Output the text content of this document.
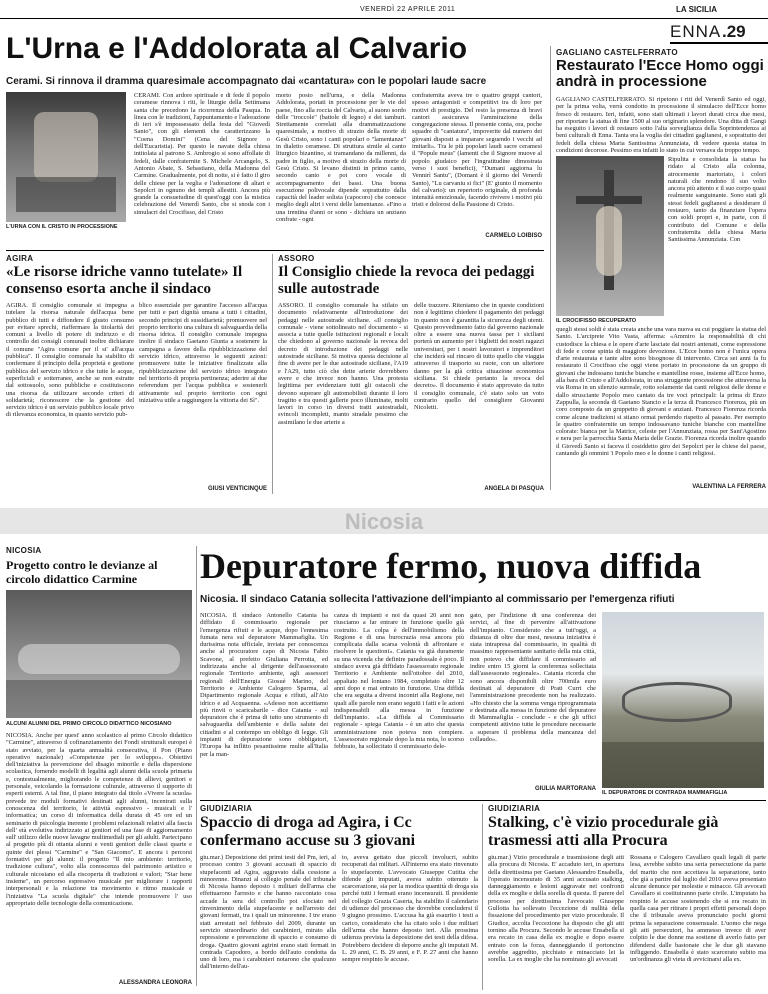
VENERDÌ 22 APRILE 2011	LA SICILIA
ENNA .29
L'Urna e l'Addolorata al Calvario
Cerami. Si rinnova il dramma quaresimale accompagnato dai «cantatura» con le popolari laude sacre
L'URNA CON IL CRISTO IN PROCESSIONE
CERAMI. Con ardore spirituale e di fede il popolo ceramese rinnova i riti, le liturgie della Settimana santa che precedono la ricorrenza della Pasqua. In linea con le tradizioni, l'appuntamento e l'adorazione di ieri s'è impossessato della festa del "Giovedì Santo", con gli elementi che caratterizzano la "Coena Domini" (Cena del Signore o dell'Eucaristia). Per questo le navate della chiesa intitolata al patrono S. Ambrogio si sono affollate di fedeli, dalle confraternite S. Michele Arcangelo, S. Antonio Abate, S. Sebastiano, della Madonna del Carmine. Gradualmente, poi di notte, si è fatto il giro delle chiese per la veglia e l'adorazione di altari e Sepolcri in ognuno dei templi allestiti. Ancora più grande la consuetudine di quest'oggi con la mistica celebrazione del Venerdì Santo, che si snoda con i simulacri del Crocifisso, del Cristo
morto posto nell'urna, e della Madonna Addolorata, portati in processione per le vie del paese, fino alla roccia del Calvario, al suono sordo delle "troccole" (battole di legno) e dei tamburi. Strettamente correlati alla drammatizzazione quaresimale, a motivo di strazio della morte di Gesù Cristo, sono i canti popolari o "lamentanze" in dialetto ceramese. Di struttura simile al canto liturgico bizantino, si tramandano da millenni, da padre in figlio, a motivo di strazio della morte di Gesù Cristo. Si levano distinti in primo canto, secondo canto e poi coro vocale di accompagnamento dei bassi. Una buona esecuzione polivocale dipende soprattutto dalla capacità del leader solista (capocoro) che conosce meglio degli altri i versi delle lamentanze. «Fino a una trentina d'anni or sono - dichiara un anziano confrate - ogni
confraternita aveva tre o quattro gruppi cantori, spesso antagonisti e competitivi tra di loro per motivi di prestigio. Del resto la presenza di bravi cantori assicurava l'ammirazione della congregazione stessa. Il presente conta, ora, poche squadre di "cantatura", impoverite dal numero dei giovani disposti a imparare seguendo i vecchi ad imitarli». Tra le più popolari laudi sacre ceramesi il "Popule meus" (lamenti che il Signore muove al popolo giudaico per l'ingratitudine dimostrata verso i suoi benefici), "Dumani aggiorna lu Vennirì Santu", (Domani è il giorno del Venerdì Santo), "Lu carvaniu si fici" (E' giunto il momento del calvario): un repertorio originale, di profonda intensità emozionale, facendo rivivere i motivi più tristi e dolorosi della Passione di Cristo.
CARMELO LOIBISO
GAGLIANO CASTELFERRATO
Restaurato l'Ecce Homo oggi andrà in processione
GAGLIANO CASTELFERRATO. Si ripetono i riti del Venerdì Santo ed oggi, per la prima volta, verrà condotto in processione il simulacro dell'Ecce homo fresco di restauro. Ieri, infatti, sono stati ultimati i lavori durati circa due mesi, per riportare la statua di fine 1500 al suo originario splendore. Una ditta di Gangi ha eseguito i lavori di restauro sotto l'alta sorveglianza della Soprintendenza ai beni culturali di Enna. Tanta era la voglia dei cittadini gaglianesi, e soprattutto dei fedeli della chiesa Maria Santissima Annunziata, di vedere questa statua in condizioni decorose. Pessimo era infatti lo stato in cui versava da troppo tempo.
IL CROCIFISSO RECUPERATO
Ripulita e consolidata la statua ha ridato al Cristo alla colonna, atrocemente martoriato, i colori naturali che rendono il suo volto ancora più attento e il suo corpo quasi realmente sanguinante. Sono stati gli stessi fedeli gaglianesi a desiderare il restauro, tanto da finanziare l'opera con soldi propri e, in parte, con il contributo del Comune e della confraternita della chiesa Maria Santissima Annunziata. Con
quegli stessi soldi è stata creata anche una vara nuova su cui poggiare la statua del Santo. L'arciprete Vito Vasta, afferma: «Ammiro la responsabilità di chi custodisce la chiesa e le opere d'arte lasciate dai nostri antenati, come espressione di fede e come spinta di maggiore devozione. L'Ecce homo non è l'unica opera d'arte restaurata e tante altre sono bisognose di intervento. Circa sei anni fa fu restaurato il Crocifisso che oggi viene portato in processione da un gruppo di giovani che indossano tuniche bianche e mantelline rosse, insieme all'Ecce homo, alla bara di Cristo e all'Addolorata, in una struggente processione che attraversa la via Roma in un silenzio surreale, rotto solamente dai canti religiosi delle donne e dallo strusciante Popolo meo cantato da tre voci principali: la prima di Enzo Zappulla, la seconda di Gaetano Stancio e la terza di Francesco Fiorenza, più un coro composto da un gruppetto di giovani e anziani. Francesco Fiorenza ricorda come alcune tradizioni si stiano ormai perdendo rispetto al passato. Per esempio le quattro confraternite un tempo indossavano tuniche bianche con mantelline colorate: bianca per la Matrice, celeste per l'Annunziata, rossa per Sant'Agostino e nera per la parrocchia Santa Maria delle Grazie. Fiorenza ricorda inoltre quando il Giovedì Santo si faceva il cosiddetto giro dei Sepolcri per le chiese del paese, cantando gli ommini 'i Popolo meo e le donne i canti religiosi.
VALENTINA LA FERRERA
AGIRA
«Le risorse idriche vanno tutelate» Il consenso esorta anche il sindaco
AGIRA. Il consiglio comunale si impegna a tutelare la risorsa naturale dell'acqua bene pubblico di tutti e diffondere il giusto consumo per evitare sprechi, riaffermare la titolarità dei comuni a livello di potere di indirizzo e di controllo dei consigli comunali inoltre dichiarare il comune "Agira comune per il si' all'acqua pubblica". Il consiglio comunale ha stabilito di confermare il principio della proprietà e gestione pubblica del servizio idrico e che tutte le acque, superficiali e sotterranee, anche se non estratte dal sottosuolo, sono pubbliche e costituiscono una risorsa da utilizzare secondo criteri di solidarietà; riconoscere che la gestione del servizio idrico è un servizio pubblico locale privo di rilevanza economica, in quanto servizio pub-
blico essenziale per garantire l'accesso all'acqua per tutti e pari dignità umana a tutti i cittadini, secondo principi di sussidiarietà; promuovere nel proprio territorio una cultura di salvaguardia della risorsa idrica. Il consiglio comunale impegna inoltre il sindaco Gaetano Giunta a sostenere la campagna a favore della ripubblicizzazione del servizio idrico, attraverso le seguenti azioni: promuovere tutte le iniziative finalizzate alla ripubblicizzazione del servizio idrico integrato nel territorio di propria pertinenza; aderire ai due referendum per l'acqua pubblica e sostenerli attivamente sul proprio territorio con ogni iniziativa utile a raggiungere la vittoria dei Sì".
GIUSI VENTICINQUE
ASSORO
Il Consiglio chiede la revoca dei pedaggi sulle autostrade
ASSORO. Il consiglio comunale ha stilato un documento relativamente all'introduzione dei pedaggi nelle autostrade siciliane. «Il consiglio comunale - viene sottolineato nel documento - si associa a tutte quelle istituzioni regionali e locali che chiedono al governo nazionale la revoca del decreto di introduzione dei pedaggi nelle autostrade siciliane. Si motiva questa decisione al fine di avere per le due autostrade siciliane, l'A19 e l'A29, tutto ciò che dette arterie dovrebbero avere e che invece non hanno. Una protesta legittima per evidenziare tutti gli ostacoli che devono superare gli automobilisti durante il loro tragitto e tra questi gallerie poco illuminate, molti lavori in corso in diversi tratti autostradali, svincoli incompleti, manto stradale pessimo che assimilano le due arterie a
delle trazzere. Riteniamo che in queste condizioni non è legittimo chiedere il pagamento dei pedaggi in quanto non è garantita la sicurezza degli utenti. Questo provvedimento fatto dal governo nazionale oltre a essere una nuova tassa per i siciliani porterà un aumento per i biglietti dei nostri ragazzi universitari, per i nostri lavoratori e imprenditori che inciderà sul rincaro di tutto quello che viaggia attraverso il trasporto su ruote, con un ulteriore danno per la già critica situazione economica siciliana. Si chiede pertanto la revoca del decreto». Il documento è stato approvato da tutto il consiglio comunale, c'è stato solo un voto contrario quello del consigliere Giovanni Nicoletti.
ANGELA DI PASQUA
Nicosia
NICOSIA
Progetto contro le devianze al circolo didattico Carmine
ALCUNI ALUNNI DEL PRIMO CIRCOLO DIDATTICO NICOSIANO
NICOSIA. Anche per quest' anno scolastico al primo Circolo didattico "Carmine", attraverso il cofinanziamento dei Fondi strutturali europei è stato avviato, per la quarta annualità consecutiva, il Pon (Piano operativo nazionale) «Competenze per lo sviluppo». Obiettivi dell'iniziativa la prevenzione del disagio minorile e della dispersione scolastica, fornendo modelli di legalità agli alunni della scuola primaria e, contestualmente, migliorando le competenze di allievi, genitori e personale, veicolando la formazione culturale, attraverso il supporto di esperti esterni. A tal fine, il piano integrato dal titolo «Vivere la scuola» prevede tre moduli formativi destinati agli alunni, incentrati sulla conoscenza del territorio, le attività espressivo - musicali e l' informatica; un corso di informatica della durata di 45 ore ed un seminario di psicologia inerente i problemi relazionali relativi alla fascia dell' età evolutiva indirizzato ai genitori ed una fase di aggiornamento sull' utilizzo delle nuove lavagne multimediali per gli adulti. Partecipano al progetto più di ottanta alunni e venti genitori delle classi quarte e quinte dei plessi "Carmine" e "San Giacomo". E ancora i percorsi formativi per gli alunni: il progetto "Il mio ambiente: territorio, tradizione cultura", volto alla conoscenza del patrimonio artistico e culturale nicosiano ed alla riscoperta di tradizioni e valori; "Star bene insieme", un percorso espressivo musicale per migliorare i rapporti interpersonali e la relazione tra movimento e ritmo musicale e l'iniziativa "La scuola digitale" che intende promuovere l' uso appropriato delle tecnologie della comunicazione.
ALESSANDRA LEONORA
Depuratore fermo, nuova diffida
Nicosia. Il sindaco Catania sollecita l'attivazione dell'impianto al commissario per l'emergenza rifiuti
NICOSIA. Il sindaco Antonello Catania ha diffidato il commissario regionale per l'emergenza rifiuti e le acque, dopo l'ennesima fumata nera sul depuratore Mammafiglia. Un durissima nota ufficiale, inviata per conoscenza anche al procuratore capo di Nicosia Fabio Scavone, al prefetto Giuliana Perrotta, ed indirizzata anche al dirigente dell'assessorato regionale Territorio ambiente, agli assessori regionali dell'Energia Giosuè Marino, del Territorio e Ambiente Calogero Sparma, al Dipartimento regionale Acqua e rifiuti, all'Ato idrico e ad Acquaenna. «Adesso non accettiamo più rinvii o scaricabarile - dice Catania - sul depuratore che è prima di tutto uno strumento di salvaguardia dell'ambiente e della salute dei cittadini e al contempo un obbligo di legge. Gli impianti di depurazione sono obbligatori, l'Europa ha inflitto pesantissime multe all'Italia per la man-
canza di impianti e noi da quasi 20 anni non riusciamo a far entrare in funzione quello già costruito. La colpa è dell'immobilismo della Regione e di una burocrazia resa ancora più complicata dalla scarsa volontà di affrontare e risolvere le questioni». Catania va già duramente su una vicenda che definire paradossale è poco. Il sindaco aveva già diffidato l'assessorato regionale Territorio e Ambiente nell'ottobre del 2010, appaltato nel lontano 1984, completato oltre 12 anni dopo e mai entrato in funzione. Una diffida che era seguita a diversi incontri alla Regione, nei quali alle parole non erano seguiti i fatti e le azioni indispensabili alla messa in funzione dell'impianto. «La diffida al Commissario regionale - spiega Catania - è un atto che questa amministrazione non poteva non compiere. L'assessorato regionale dopo la mia nota, lo scorso febbraio, ha sollecitato il commissario dele-
gato, per l'indizione di una conferenza dei servizi, al fine di pervenire all'attivazione dell'impianto. Considerato che a tutt'oggi, a distanza di oltre due mesi, nessuna iniziativa è stata intrapresa dal commissario, in qualità di massimo rappresentante sanitario della mia città, non potevo che diffidare il commissario ad indire entro 15 giorni la conferenza sollecitata dall'assessorato regionale». Catania ricorda che sono ancora disponibili oltre 700mila euro destinati al depuratore di Prati Curri che l'amministrazione precedente non ha realizzato. «Ho chiesto che la somma venga riprogrammata e destinata alla messa in funzione del depuratore di Mammafiglia - conclude - e che gli uffici competenti attivino tutte le procedure necessarie a superare il problema della mancanza del collaudo».
GIULIA MARTORANA
IL DEPURATORE DI CONTRADA MAMMAFIGLIA
GIUDIZIARIA
Spaccio di droga ad Agira, i Cc confermano accuse su 3 giovani
giu.mar.) Deposizione dei primi testi del Pm, ieri, al processo contro 3 giovani accusati di spaccio di stupefacenti ad Agira, aggravato dalla cessione a minorenne. Dinanzi al collegio penale del tribunale di Nicosia hanno deposto i militari dell'arma che effettuarono l'arresto e che hanno raccontato cosa accade la sera del controllo poi sfociato nel rinvenimento della stupefacente e nell'arresto dei giovani fermati, tra i quali un minorenne. I tre erano stati arrestati nel febbraio del 2009, durante un servizio straordinario dei carabinieri, mirato alla repressione e prevenzione di spaccio e consumo di droga. Quattro giovani agirini erano stati fermati in contrada Capodoro, a bordo dell'auto condotta da uno di loro, ma i carabinieri notarono che qualcuno dall'interno dell'au-
to, aveva gettato due piccoli involucri, subito recuperati dai militari. All'interno era stato rinvenuto lo stupefacente. L'avvocato Giuseppe Cutitta che difende gli imputati, aveva subito ottenuto la scarcerazione, sia per la modica quantità di droga sia perché tutti i fermati erano incensurati. Il presidente del collegio Grazia Caserta, ha stabilito il calendario di udienze del processo che dovrebbe concludersi il 9 giugno prossimo. L'accusa ha già esaurito i testi a carico, considerato che ha citato solo i due militari dell'arma che hanno deposto ieri. Alla prossima udienza prevista la deposizione dei testi della difesa. Potrebbero decidere di deporre anche gli imputati M. L. 29 anni, C. B. 29 anni, e F. P. 27 anni che hanno sempre respinto le accuse.
GIUDIZIARIA
Stalking, c'è vizio procedurale già trasmessi atti alla Procura
giu.mar.) Vizio procedurale e trasmissione degli atti alla procura di Nicosia. E' accaduto ieri, in apertura della direttissima per Gaetano Alessandro Ensabella, l'operaio incensurato di 35 anni accusato stalking, danneggiamento e lesioni aggravate nei confronti della ex moglie e della sorella di questa. Il parere del processo per direttissima l'avvocato Giuseppe Gullotta ha sollevato l'eccezione di nullità della fissazione del procedimento per vizio procedurale. Il Giudice, accolta l'eccezione ha disposto che gli atti tornino alla Procura. Secondo le accuse Ensabella si era recato in casa della ex moglie e dopo essere entrato con la forza, danneggiando il portoncino avrebbe aggredito, picchiato e minacciato lei la sorella. La ex moglie che ha nominato gli avvocati
Rossana e Calogero Cavallaro quali legali di parte lesa, avrebbe subito una seria persecuzione da parte del marito che non accettava la separazione, tanto che già a partire dal luglio del 2010 aveva presentato alcune denunce per molestie e minacce. Gli avvocati Cavallaro si costituiranno parte civile. L'imputato ha respinto le accuse sostenendo che si era recato in quella casa per ritirare i propri effetti personali dopo che il tribunale aveva pronunciato pochi giorni prima la separazione consensuale. L'uomo che nega gli atti persecutori, ha ammesso invece di aver colpito le due donne ma sostiene di averlo fatto per difendersi dalle bastonate che le due gli stavano infliggendo. Ensabella è stato scarcerato subito ma un'ordinanza gli vieta di avvicinarsi alla ex.
